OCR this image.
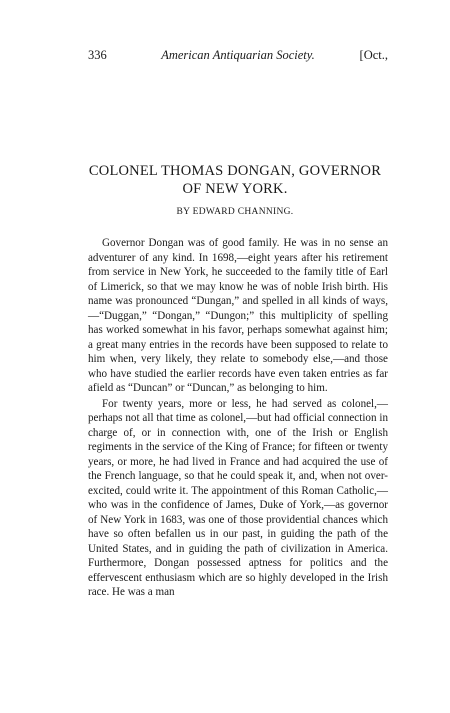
336	American Antiquarian Society.	[Oct.,
COLONEL THOMAS DONGAN, GOVERNOR
OF NEW YORK.
BY EDWARD CHANNING.

Governor Dongan was of good family. He was in no sense an adventurer of any kind. In 1698,—eight years after his retirement from service in New York, he succeeded to the family title of Earl of Limerick, so that we may know he was of noble Irish birth. His name was pronounced “Dungan,” and spelled in all kinds of ways,—“Duggan,” “Dongan,” “Dungon;” this multiplicity of spelling has worked somewhat in his favor, perhaps somewhat against him; a great many entries in the records have been supposed to relate to him when, very likely, they relate to somebody else,—and those who have studied the earlier records have even taken entries as far afield as “Duncan” or “Duncan,” as belonging to him.

For twenty years, more or less, he had served as colonel,—perhaps not all that time as colonel,—but had official connection in charge of, or in connection with, one of the Irish or English regiments in the service of the King of France; for fifteen or twenty years, or more, he had lived in France and had acquired the use of the French language, so that he could speak it, and, when not over-excited, could write it. The appointment of this Roman Catholic,—who was in the confidence of James, Duke of York,—as governor of New York in 1683, was one of those providential chances which have so often befallen us in our past, in guiding the path of the United States, and in guiding the path of civilization in America. Furthermore, Dongan possessed aptness for politics and the effervescent enthusiasm which are so highly developed in the Irish race. He was a man
